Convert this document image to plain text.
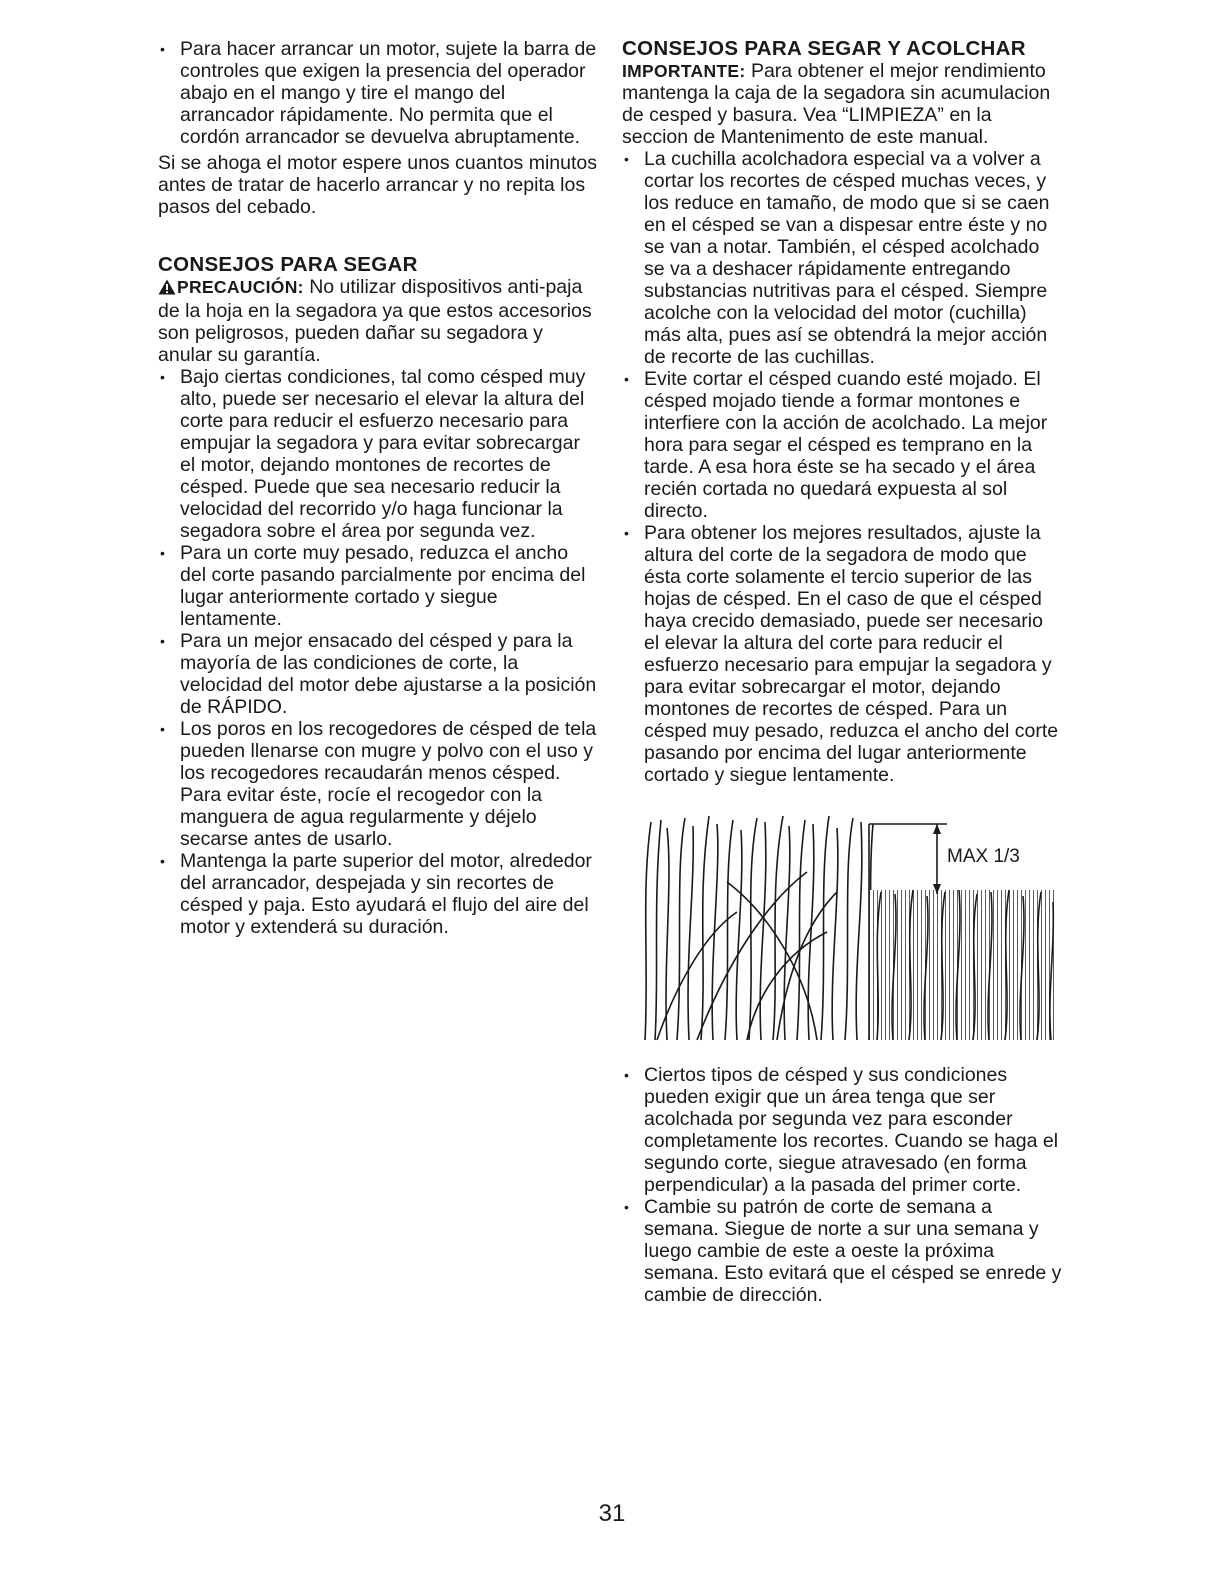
• Para hacer arrancar un motor, sujete la barra de controles que exigen la presencia del operador abajo en el mango y tire el mango del arrancador rápidamente. No permita que el cordón arrancador se devuelva abruptamente.

Si se ahoga el motor espere unos cuantos minutos antes de tratar de hacerlo arrancar y no repita los pasos del cebado.

CONSEJOS PARA SEGAR
PRECAUCIÓN: No utilizar dispositivos anti-paja de la hoja en la segadora ya que estos accesorios son peligrosos, pueden dañar su segadora y anular su garantía.
• Bajo ciertas condiciones, tal como césped muy alto, puede ser necesario el elevar la altura del corte para reducir el esfuerzo necesario para empujar la segadora y para evitar sobrecargar el motor, dejando montones de recortes de césped. Puede que sea necesario reducir la velocidad del recorrido y/o haga funcionar la segadora sobre el área por segunda vez.
• Para un corte muy pesado, reduzca el ancho del corte pasando parcialmente por encima del lugar anteriormente cortado y siegue lentamente.
• Para un mejor ensacado del césped y para la mayoría de las condiciones de corte, la velocidad del motor debe ajustarse a la posición de RÁPIDO.
• Los poros en los recogedores de césped de tela pueden llenarse con mugre y polvo con el uso y los recogedores recaudarán menos césped. Para evitar éste, rocíe el recogedor con la manguera de agua regularmente y déjelo secarse antes de usarlo.
• Mantenga la parte superior del motor, alrededor del arrancador, despejada y sin recortes de césped y paja. Esto ayudará el flujo del aire del motor y extenderá su duración.
CONSEJOS PARA SEGAR Y ACOLCHAR
IMPORTANTE: Para obtener el mejor rendimiento mantenga la caja de la segadora sin acumulacion de cesped y basura. Vea “LIMPIEZA” en la seccion de Mantenimento de este manual.
• La cuchilla acolchadora especial va a volver a cortar los recortes de césped muchas veces, y los reduce en tamaño, de modo que si se caen en el césped se van a dispesar entre éste y no se van a notar. También, el césped acolchado se va a deshacer rápidamente entregando substancias nutritivas para el césped. Siempre acolche con la velocidad del motor (cuchilla) más alta, pues así se obtendrá la mejor acción de recorte de las cuchillas.
• Evite cortar el césped cuando esté mojado. El césped mojado tiende a formar montones e interfiere con la acción de acolchado. La mejor hora para segar el césped es temprano en la tarde. A esa hora éste se ha secado y el área recién cortada no quedará expuesta al sol directo.
• Para obtener los mejores resultados, ajuste la altura del corte de la segadora de modo que ésta corte solamente el tercio superior de las hojas de césped. En el caso de que el césped haya crecido demasiado, puede ser necesario el elevar la altura del corte para reducir el esfuerzo necesario para empujar la segadora y para evitar sobrecargar el motor, dejando montones de recortes de césped. Para un césped muy pesado, reduzca el ancho del corte pasando por encima del lugar anteriormente cortado y siegue lentamente.
MAX 1/3
• Ciertos tipos de césped y sus condiciones pueden exigir que un área tenga que ser acolchada por segunda vez para esconder completamente los recortes. Cuando se haga el segundo corte, siegue atravesado (en forma perpendicular) a la pasada del primer corte.
• Cambie su patrón de corte de semana a semana. Siegue de norte a sur una semana y luego cambie de este a oeste la próxima semana. Esto evitará que el césped se enrede y cambie de dirección.
31
